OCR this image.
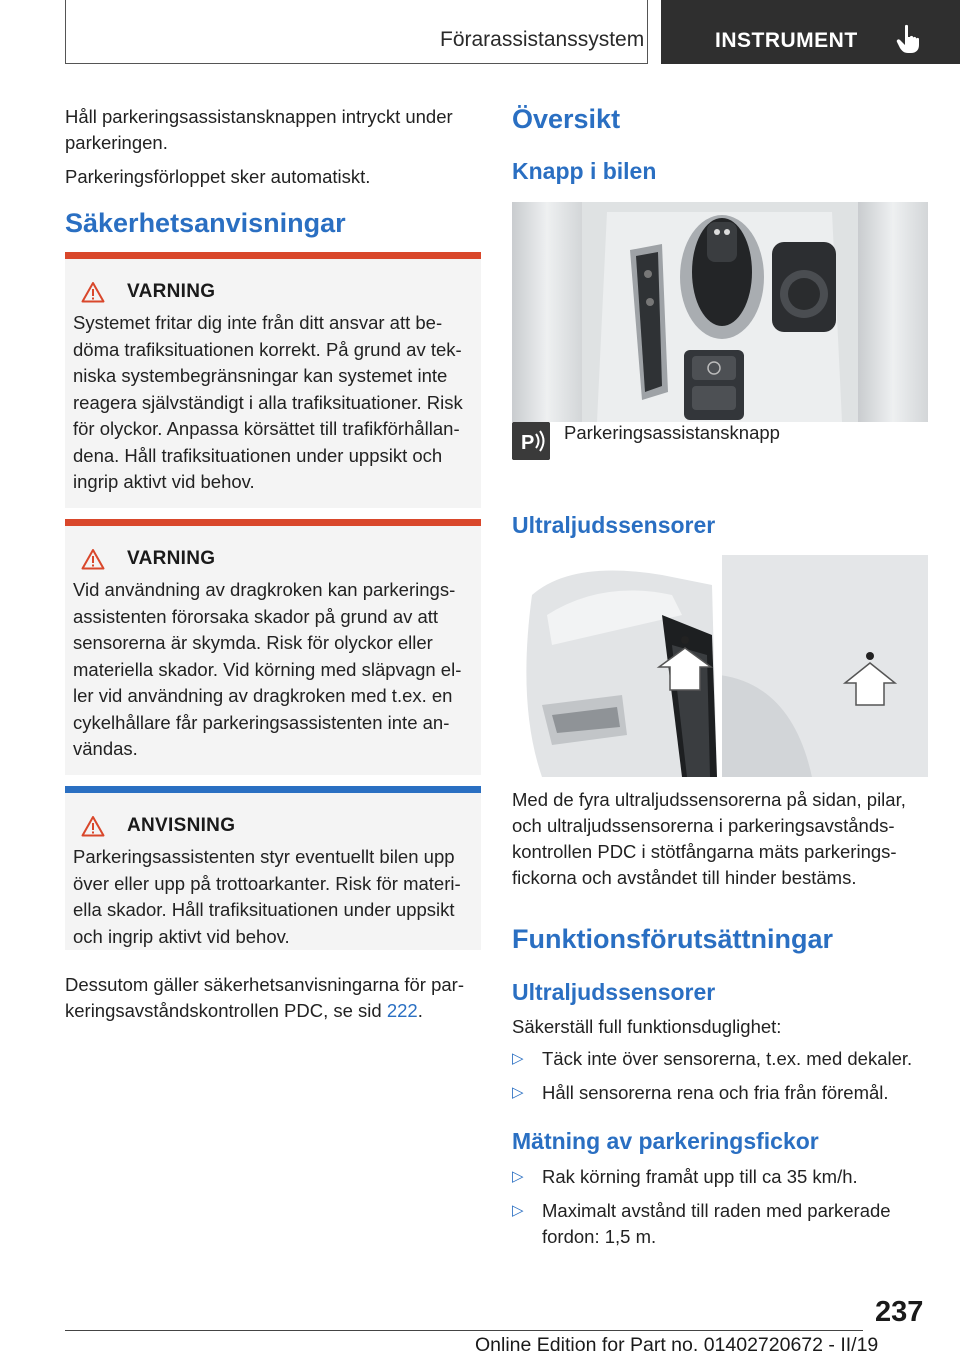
Förarassistanssystem	INSTRUMENT

Håll parkeringsassistansknappen intryckt under parkeringen.

Parkeringsförloppet sker automatiskt.

Säkerhetsanvisningar
VARNING

Systemet fritar dig inte från ditt ansvar att bedöma trafiksituationen korrekt. På grund av tekniska systembegränsningar kan systemet inte reagera självständigt i alla trafiksituationer. Risk för olyckor. Anpassa körsättet till trafikförhållandena. Håll trafiksituationen under uppsikt och ingrip aktivt vid behov.

VARNING

Vid användning av dragkroken kan parkeringsassistenten förorsaka skador på grund av att sensorerna är skymda. Risk för olyckor eller materiella skador. Vid körning med släpvagn eller vid användning av dragkroken med t.ex. en cykelhållare får parkeringsassistenten inte användas.

ANVISNING

Parkeringsassistenten styr eventuellt bilen upp över eller upp på trottoarkanter. Risk för materiella skador. Håll trafiksituationen under uppsikt och ingrip aktivt vid behov.

Dessutom gäller säkerhetsanvisningarna för parkeringsavståndskontrollen PDC, se sid 222.

Översikt
Knapp i bilen
P Parkeringsassistansknapp
Ultraljudssensorer

Med de fyra ultraljudssensorerna på sidan, pilar, och ultraljudssensorerna i parkeringsavståndskontrollen PDC i stötfångarna mäts parkeringsfickorna och avståndet till hinder bestäms.

Funktionsförutsättningar
Ultraljudssensorer

Säkerställ full funktionsduglighet:

▷ Täck inte över sensorerna, t.ex. med dekaler.
▷ Håll sensorerna rena och fria från föremål.
Mätning av parkeringsfickor
▷ Rak körning framåt upp till ca 35 km/h.
▷ Maximalt avstånd till raden med parkerade fordon: 1,5 m.
237
Online Edition for Part no. 01402720672 - II/19
